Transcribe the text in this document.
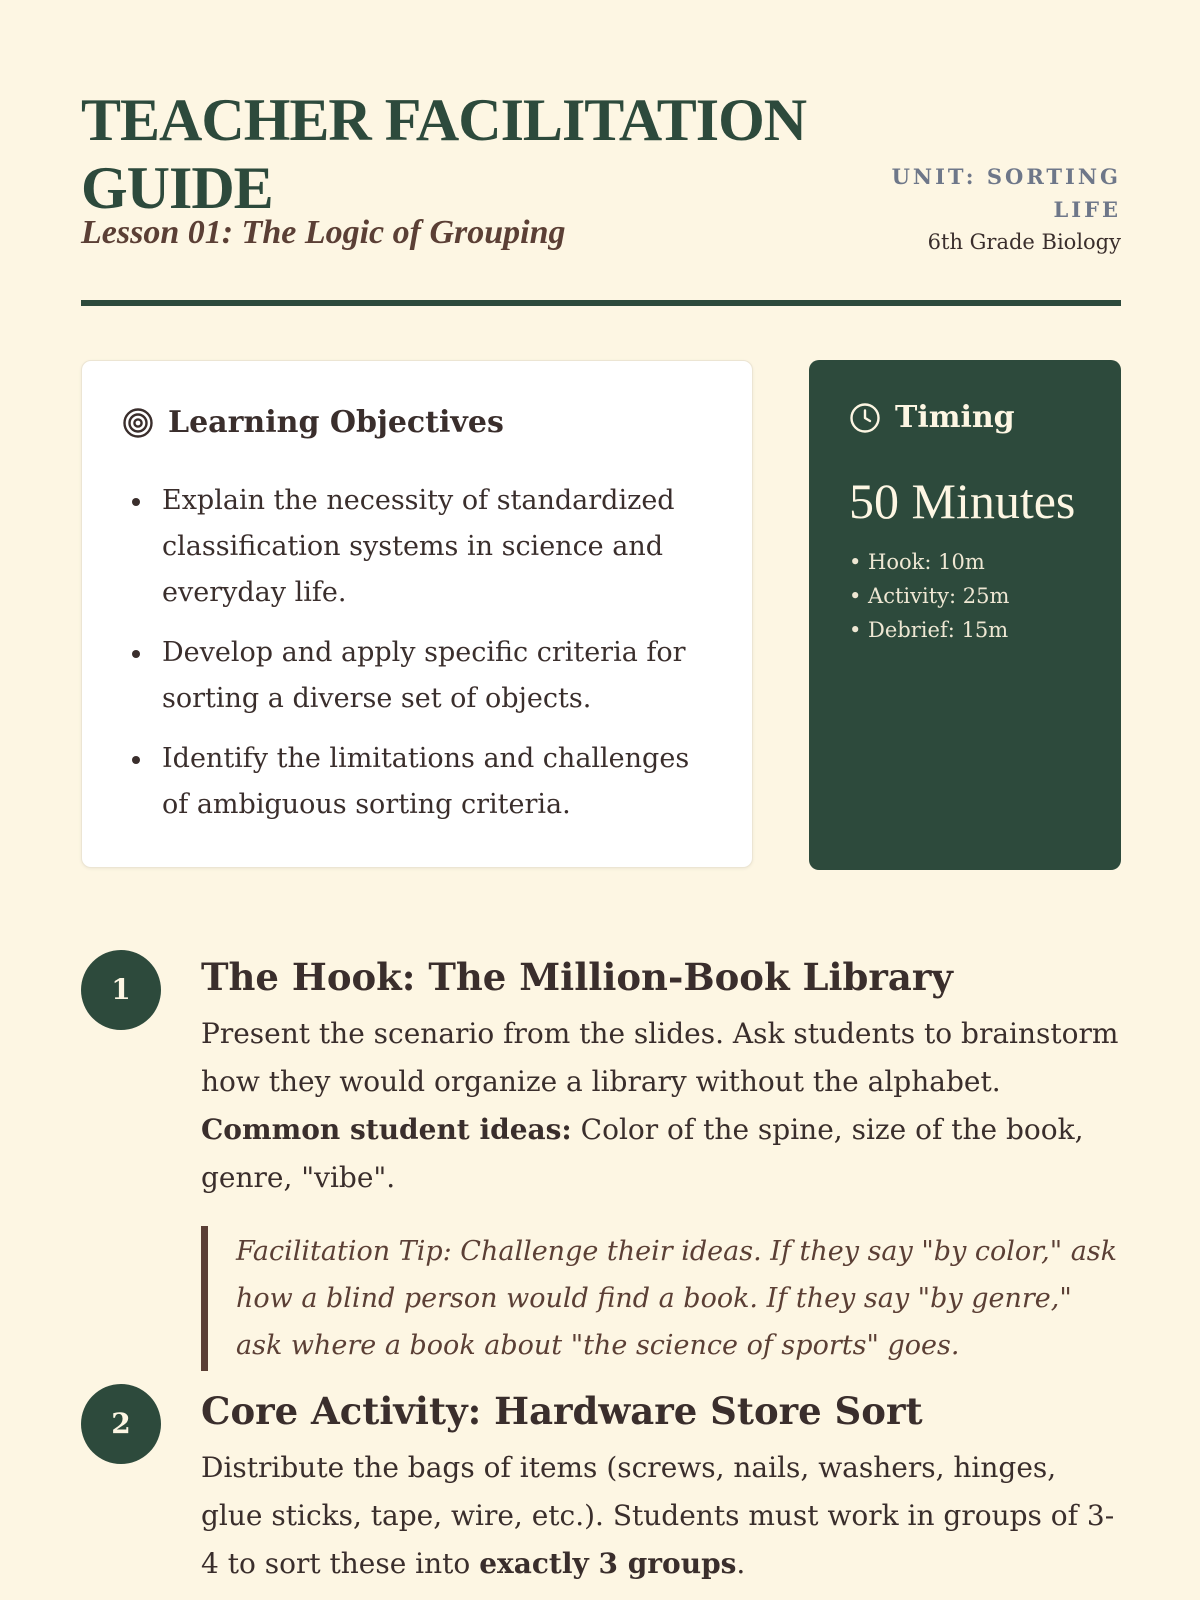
TEACHER FACILITATION GUIDE
Lesson 01: The Logic of Grouping
UNIT: SORTING LIFE
6th Grade Biology
Learning Objectives
Explain the necessity of standardized classification systems in science and everyday life.
Develop and apply specific criteria for sorting a diverse set of objects.
Identify the limitations and challenges of ambiguous sorting criteria.
Timing
50 Minutes
• Hook: 10m
• Activity: 25m
• Debrief: 15m
1	The Hook: The Million-Book Library

Present the scenario from the slides. Ask students to brainstorm how they would organize a library without the alphabet. Common student ideas: Color of the spine, size of the book, genre, "vibe".

Facilitation Tip: Challenge their ideas. If they say "by color," ask how a blind person would find a book. If they say "by genre," ask where a book about "the science of sports" goes.
2	Core Activity: Hardware Store Sort

Distribute the bags of items (screws, nails, washers, hinges, glue sticks, tape, wire, etc.). Students must work in groups of 3-4 to sort these into exactly 3 groups.
